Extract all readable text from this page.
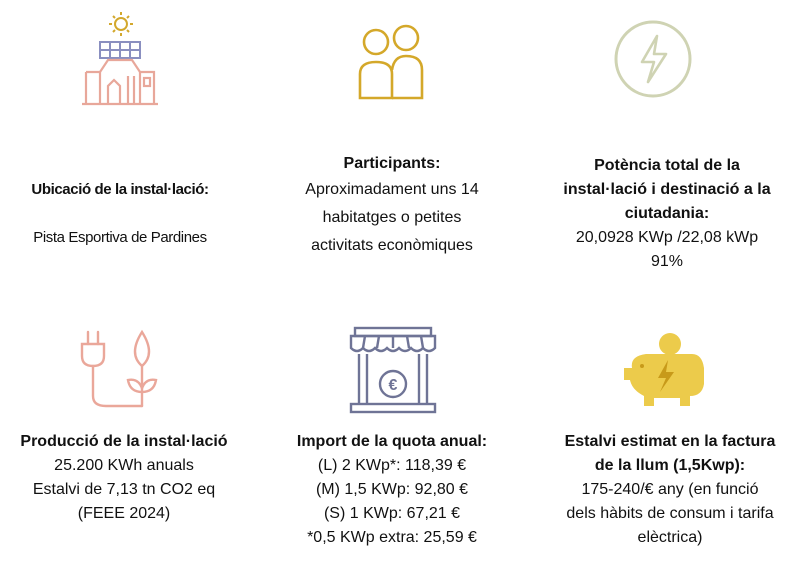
€
Ubicació de la instal·lació:
Pista Esportiva de Pardines
Participants:
Aproximadament uns 14
habitatges o petites
activitats econòmiques
Potència total de la
instal·lació i destinació a la
ciutadania:
20,0928 KWp /22,08 kWp
91%
Producció de la instal·lació
25.200 KWh anuals
Estalvi de 7,13 tn CO2 eq
(FEEE 2024)
Import de la quota anual:
(L) 2 KWp*: 118,39 €
(M) 1,5 KWp: 92,80 €
(S) 1 KWp: 67,21 €
*0,5 KWp extra: 25,59 €
Estalvi estimat en la factura
de la llum (1,5Kwp):
175-240/€ any (en funció
dels hàbits de consum i tarifa
elèctrica)
